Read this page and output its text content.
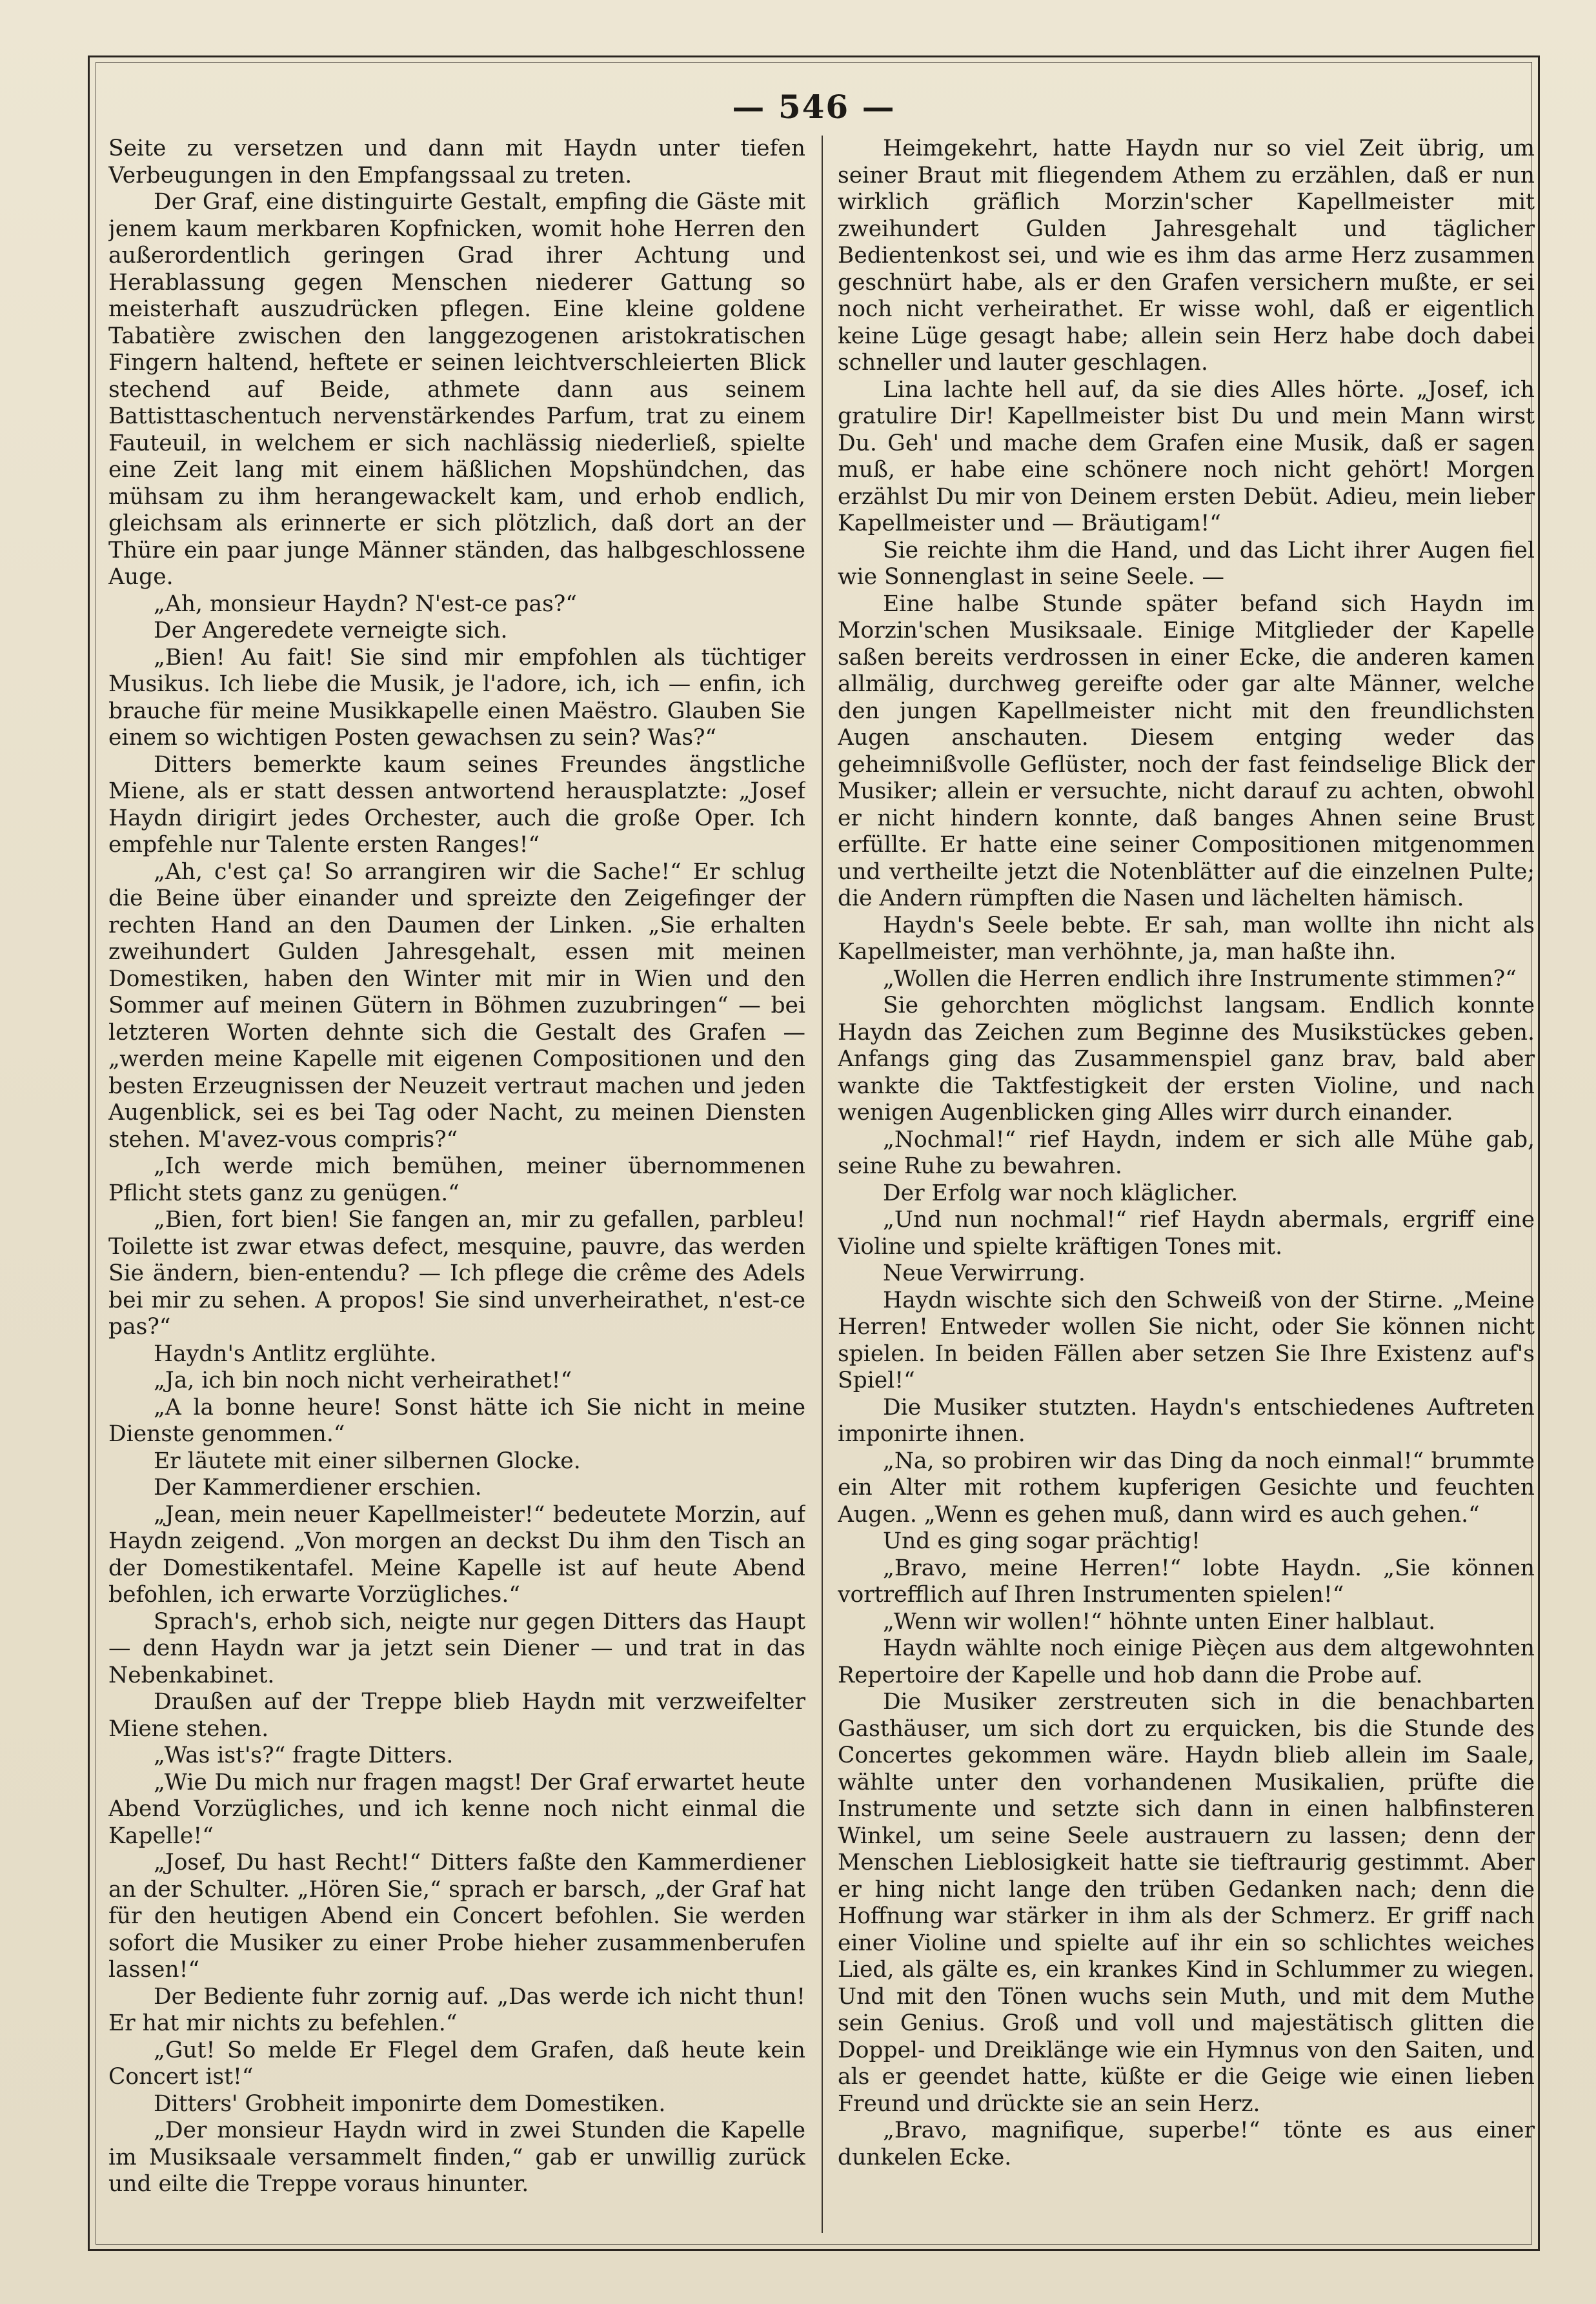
— 546 —

Seite zu versetzen und dann mit Haydn unter tiefen Verbeugungen in den Empfangssaal zu treten.

Der Graf, eine distinguirte Gestalt, empfing die Gäste mit jenem kaum merkbaren Kopfnicken, womit hohe Herren den außerordentlich geringen Grad ihrer Achtung und Herablassung gegen Menschen niederer Gattung so meisterhaft auszudrücken pflegen. Eine kleine goldene Tabatière zwischen den langgezogenen aristokratischen Fingern haltend, heftete er seinen leichtverschleierten Blick stechend auf Beide, athmete dann aus seinem Battisttaschentuch nervenstärkendes Parfum, trat zu einem Fauteuil, in welchem er sich nachlässig niederließ, spielte eine Zeit lang mit einem häßlichen Mopshündchen, das mühsam zu ihm herangewackelt kam, und erhob endlich, gleichsam als erinnerte er sich plötzlich, daß dort an der Thüre ein paar junge Männer ständen, das halbgeschlossene Auge.

„Ah, monsieur Haydn? N'est-ce pas?“

Der Angeredete verneigte sich.

„Bien! Au fait! Sie sind mir empfohlen als tüchtiger Musikus. Ich liebe die Musik, je l'adore, ich, ich — enfin, ich brauche für meine Musikkapelle einen Maëstro. Glauben Sie einem so wichtigen Posten gewachsen zu sein? Was?“

Ditters bemerkte kaum seines Freundes ängstliche Miene, als er statt dessen antwortend herausplatzte: „Josef Haydn dirigirt jedes Orchester, auch die große Oper. Ich empfehle nur Talente ersten Ranges!“

„Ah, c'est ça! So arrangiren wir die Sache!“ Er schlug die Beine über einander und spreizte den Zeigefinger der rechten Hand an den Daumen der Linken. „Sie erhalten zweihundert Gulden Jahresgehalt, essen mit meinen Domestiken, haben den Winter mit mir in Wien und den Sommer auf meinen Gütern in Böhmen zuzubringen“ — bei letzteren Worten dehnte sich die Gestalt des Grafen — „werden meine Kapelle mit eigenen Compositionen und den besten Erzeugnissen der Neuzeit vertraut machen und jeden Augenblick, sei es bei Tag oder Nacht, zu meinen Diensten stehen. M'avez-vous compris?“

„Ich werde mich bemühen, meiner übernommenen Pflicht stets ganz zu genügen.“

„Bien, fort bien! Sie fangen an, mir zu gefallen, parbleu! Toilette ist zwar etwas defect, mesquine, pauvre, das werden Sie ändern, bien-entendu? — Ich pflege die crême des Adels bei mir zu sehen. A propos! Sie sind unverheirathet, n'est-ce pas?“

Haydn's Antlitz erglühte.

„Ja, ich bin noch nicht verheirathet!“

„A la bonne heure! Sonst hätte ich Sie nicht in meine Dienste genommen.“

Er läutete mit einer silbernen Glocke.

Der Kammerdiener erschien.

„Jean, mein neuer Kapellmeister!“ bedeutete Morzin, auf Haydn zeigend. „Von morgen an deckst Du ihm den Tisch an der Domestikentafel. Meine Kapelle ist auf heute Abend befohlen, ich erwarte Vorzügliches.“

Sprach's, erhob sich, neigte nur gegen Ditters das Haupt — denn Haydn war ja jetzt sein Diener — und trat in das Nebenkabinet.

Draußen auf der Treppe blieb Haydn mit verzweifelter Miene stehen.

„Was ist's?“ fragte Ditters.

„Wie Du mich nur fragen magst! Der Graf erwartet heute Abend Vorzügliches, und ich kenne noch nicht einmal die Kapelle!“

„Josef, Du hast Recht!“ Ditters faßte den Kammerdiener an der Schulter. „Hören Sie,“ sprach er barsch, „der Graf hat für den heutigen Abend ein Concert befohlen. Sie werden sofort die Musiker zu einer Probe hieher zusammenberufen lassen!“

Der Bediente fuhr zornig auf. „Das werde ich nicht thun! Er hat mir nichts zu befehlen.“

„Gut! So melde Er Flegel dem Grafen, daß heute kein Concert ist!“

Ditters' Grobheit imponirte dem Domestiken.

„Der monsieur Haydn wird in zwei Stunden die Kapelle im Musiksaale versammelt finden,“ gab er unwillig zurück und eilte die Treppe voraus hinunter.

Heimgekehrt, hatte Haydn nur so viel Zeit übrig, um seiner Braut mit fliegendem Athem zu erzählen, daß er nun wirklich gräflich Morzin'scher Kapellmeister mit zweihundert Gulden Jahresgehalt und täglicher Bedientenkost sei, und wie es ihm das arme Herz zusammen geschnürt habe, als er den Grafen versichern mußte, er sei noch nicht verheirathet. Er wisse wohl, daß er eigentlich keine Lüge gesagt habe; allein sein Herz habe doch dabei schneller und lauter geschlagen.

Lina lachte hell auf, da sie dies Alles hörte. „Josef, ich gratulire Dir! Kapellmeister bist Du und mein Mann wirst Du. Geh' und mache dem Grafen eine Musik, daß er sagen muß, er habe eine schönere noch nicht gehört! Morgen erzählst Du mir von Deinem ersten Debüt. Adieu, mein lieber Kapellmeister und — Bräutigam!“

Sie reichte ihm die Hand, und das Licht ihrer Augen fiel wie Sonnenglast in seine Seele. —

Eine halbe Stunde später befand sich Haydn im Morzin'schen Musiksaale. Einige Mitglieder der Kapelle saßen bereits verdrossen in einer Ecke, die anderen kamen allmälig, durchweg gereifte oder gar alte Männer, welche den jungen Kapellmeister nicht mit den freundlichsten Augen anschauten. Diesem entging weder das geheimnißvolle Geflüster, noch der fast feindselige Blick der Musiker; allein er versuchte, nicht darauf zu achten, obwohl er nicht hindern konnte, daß banges Ahnen seine Brust erfüllte. Er hatte eine seiner Compositionen mitgenommen und vertheilte jetzt die Notenblätter auf die einzelnen Pulte; die Andern rümpften die Nasen und lächelten hämisch.

Haydn's Seele bebte. Er sah, man wollte ihn nicht als Kapellmeister, man verhöhnte, ja, man haßte ihn.

„Wollen die Herren endlich ihre Instrumente stimmen?“

Sie gehorchten möglichst langsam. Endlich konnte Haydn das Zeichen zum Beginne des Musikstückes geben. Anfangs ging das Zusammenspiel ganz brav, bald aber wankte die Taktfestigkeit der ersten Violine, und nach wenigen Augenblicken ging Alles wirr durch einander.

„Nochmal!“ rief Haydn, indem er sich alle Mühe gab, seine Ruhe zu bewahren.

Der Erfolg war noch kläglicher.

„Und nun nochmal!“ rief Haydn abermals, ergriff eine Violine und spielte kräftigen Tones mit.

Neue Verwirrung.

Haydn wischte sich den Schweiß von der Stirne. „Meine Herren! Entweder wollen Sie nicht, oder Sie können nicht spielen. In beiden Fällen aber setzen Sie Ihre Existenz auf's Spiel!“

Die Musiker stutzten. Haydn's entschiedenes Auftreten imponirte ihnen.

„Na, so probiren wir das Ding da noch einmal!“ brummte ein Alter mit rothem kupferigen Gesichte und feuchten Augen. „Wenn es gehen muß, dann wird es auch gehen.“

Und es ging sogar prächtig!

„Bravo, meine Herren!“ lobte Haydn. „Sie können vortrefflich auf Ihren Instrumenten spielen!“

„Wenn wir wollen!“ höhnte unten Einer halblaut.

Haydn wählte noch einige Pièçen aus dem altgewohnten Repertoire der Kapelle und hob dann die Probe auf.

Die Musiker zerstreuten sich in die benachbarten Gasthäuser, um sich dort zu erquicken, bis die Stunde des Concertes gekommen wäre. Haydn blieb allein im Saale, wählte unter den vorhandenen Musikalien, prüfte die Instrumente und setzte sich dann in einen halbfinsteren Winkel, um seine Seele austrauern zu lassen; denn der Menschen Lieblosigkeit hatte sie tieftraurig gestimmt. Aber er hing nicht lange den trüben Gedanken nach; denn die Hoffnung war stärker in ihm als der Schmerz. Er griff nach einer Violine und spielte auf ihr ein so schlichtes weiches Lied, als gälte es, ein krankes Kind in Schlummer zu wiegen. Und mit den Tönen wuchs sein Muth, und mit dem Muthe sein Genius. Groß und voll und majestätisch glitten die Doppel- und Dreiklänge wie ein Hymnus von den Saiten, und als er geendet hatte, küßte er die Geige wie einen lieben Freund und drückte sie an sein Herz.

„Bravo, magnifique, superbe!“ tönte es aus einer dunkelen Ecke.
